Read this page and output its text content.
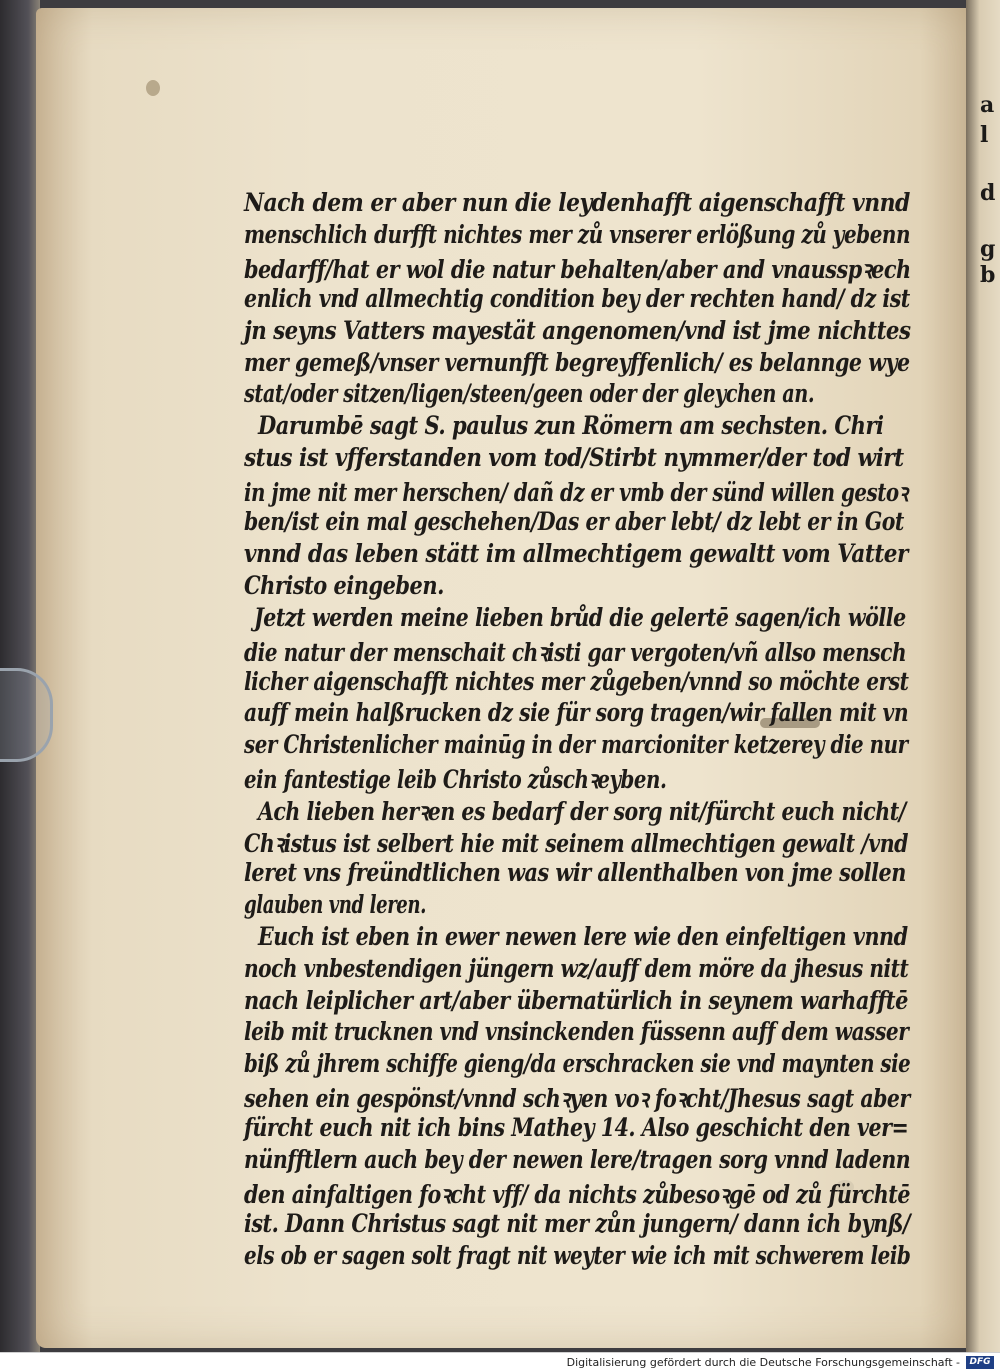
a
l
d
g
b
Nach dem er aber nun die leydenhafft aigenschafft vnnd
menschlich durfft nichtes mer zů vnserer erlößung zů yebenn
bedarff/hat er wol die natur behalten/aber and vnausspꝛech
enlich vnd allmechtig condition bey der rechten hand/ dz ist
jn seyns Vatters mayestät angenomen/vnd ist jme nichttes
mer gemeß/vnser vernunfft begreyffenlich/ es belannge wye
stat/oder sitzen/ligen/steen/geen oder der gleychen an.
Darumbē sagt S. paulus zun Römern am sechsten. Chri
stus ist vfferstanden vom tod/Stirbt nymmer/der tod wirt
in jme nit mer herschen/ dañ dz er vmb der sünd willen gestoꝛ
ben/ist ein mal geschehen/Das er aber lebt/ dz lebt er in Got
vnnd das leben stätt im allmechtigem gewaltt vom Vatter
Christo eingeben.
Jetzt werden meine lieben brůd die gelertē sagen/ich wölle
die natur der menschait chꝛisti gar vergoten/vñ allso mensch
licher aigenschafft nichtes mer zůgeben/vnnd so möchte erst
auff mein halßrucken dz sie für sorg tragen/wir fallen mit vn
ser Christenlicher mainūg in der marcioniter ketzerey die nur
ein fantestige leib Christo zůschꝛeyben.
Ach lieben herꝛen es bedarf der sorg nit/fürcht euch nicht/
Chꝛistus ist selbert hie mit seinem allmechtigen gewalt /vnd
leret vns freündtlichen was wir allenthalben von jme sollen
glauben vnd leren.
Euch ist eben in ewer newen lere wie den einfeltigen vnnd
noch vnbestendigen jüngern wz/auff dem möre da jhesus nitt
nach leiplicher art/aber übernatürlich in seynem warhafftē
leib mit trucknen vnd vnsinckenden füssenn auff dem wasser
biß zů jhrem schiffe gieng/da erschracken sie vnd maynten sie
sehen ein gespönst/vnnd schꝛyen voꝛ foꝛcht/Jhesus sagt aber
fürcht euch nit ich bins Mathey 14. Also geschicht den ver=
nünfftlern auch bey der newen lere/tragen sorg vnnd ladenn
den ainfaltigen foꝛcht vff/ da nichts zůbesoꝛgē od zů fürchtē
ist. Dann Christus sagt nit mer zůn jungern/ dann ich bynß/
els ob er sagen solt fragt nit weyter wie ich mit schwerem leib
Digitalisierung gefördert durch die Deutsche Forschungsgemeinschaft -	DFG
